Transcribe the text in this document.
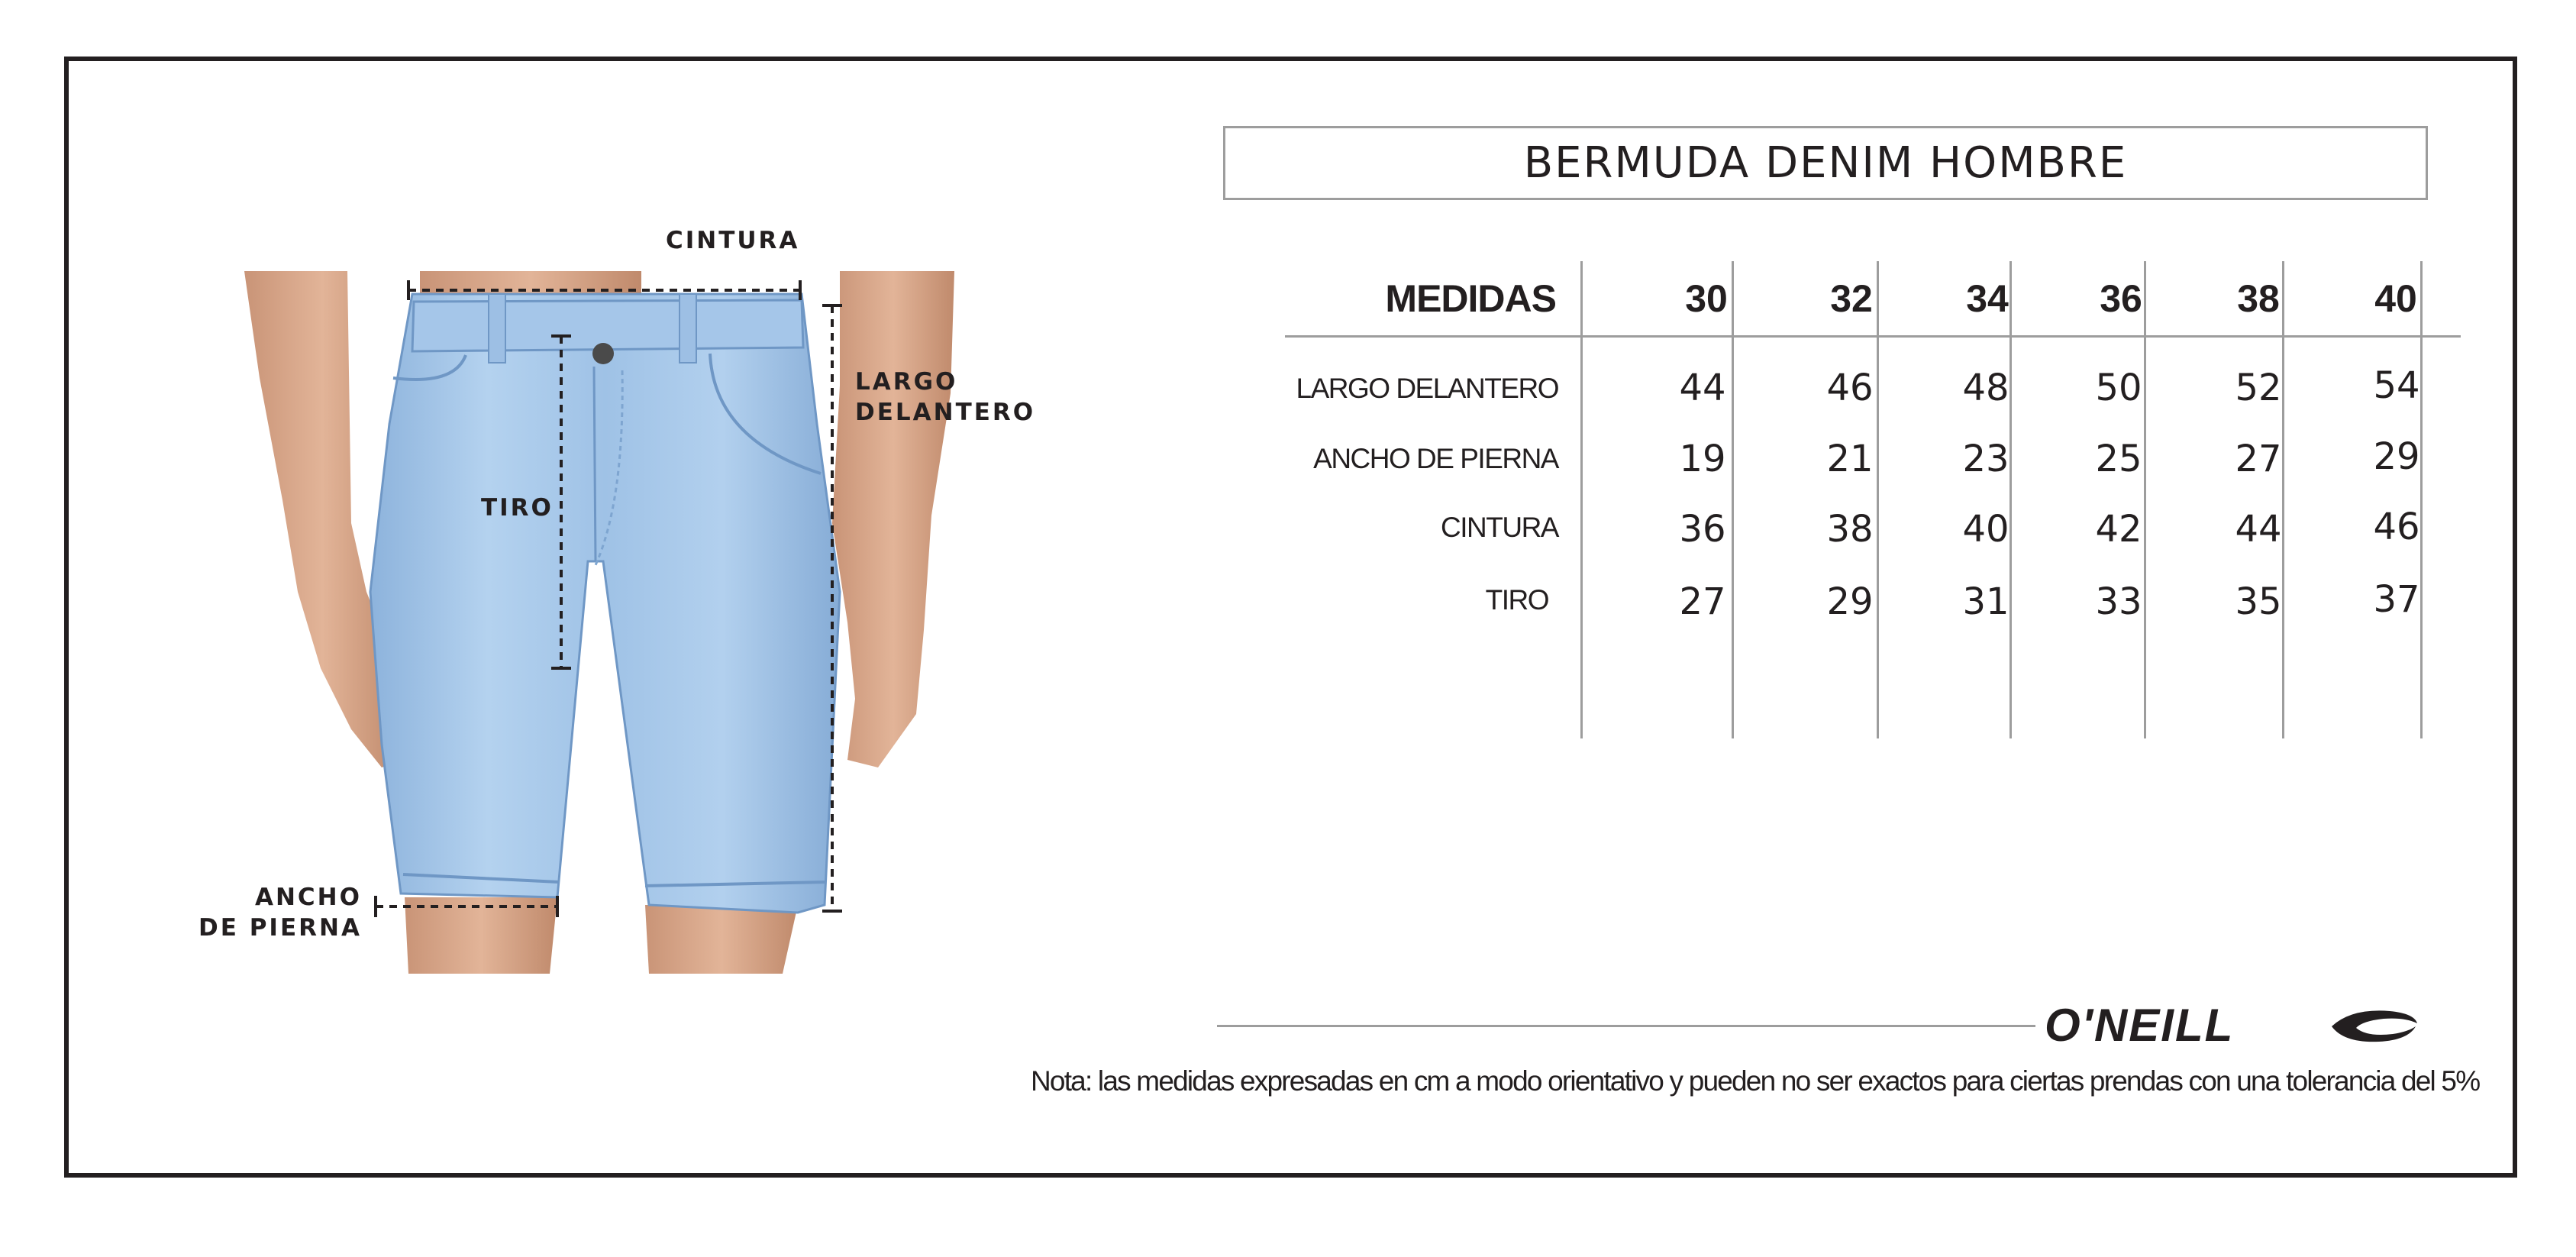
CINTURA
LARGO
DELANTERO
TIRO
ANCHO
DE PIERNA
BERMUDA DENIM HOMBRE
MEDIDAS	30	32	34	36	38	40
LARGO DELANTERO	44	46	48	50	52	54
ANCHO DE PIERNA	19	21	23	25	27	29
CINTURA	36	38	40	42	44	46
TIRO	27	29	31	33	35	37
O'NEILL
Nota: las medidas expresadas en cm a modo orientativo y pueden no ser exactos para ciertas prendas con una tolerancia del 5%
